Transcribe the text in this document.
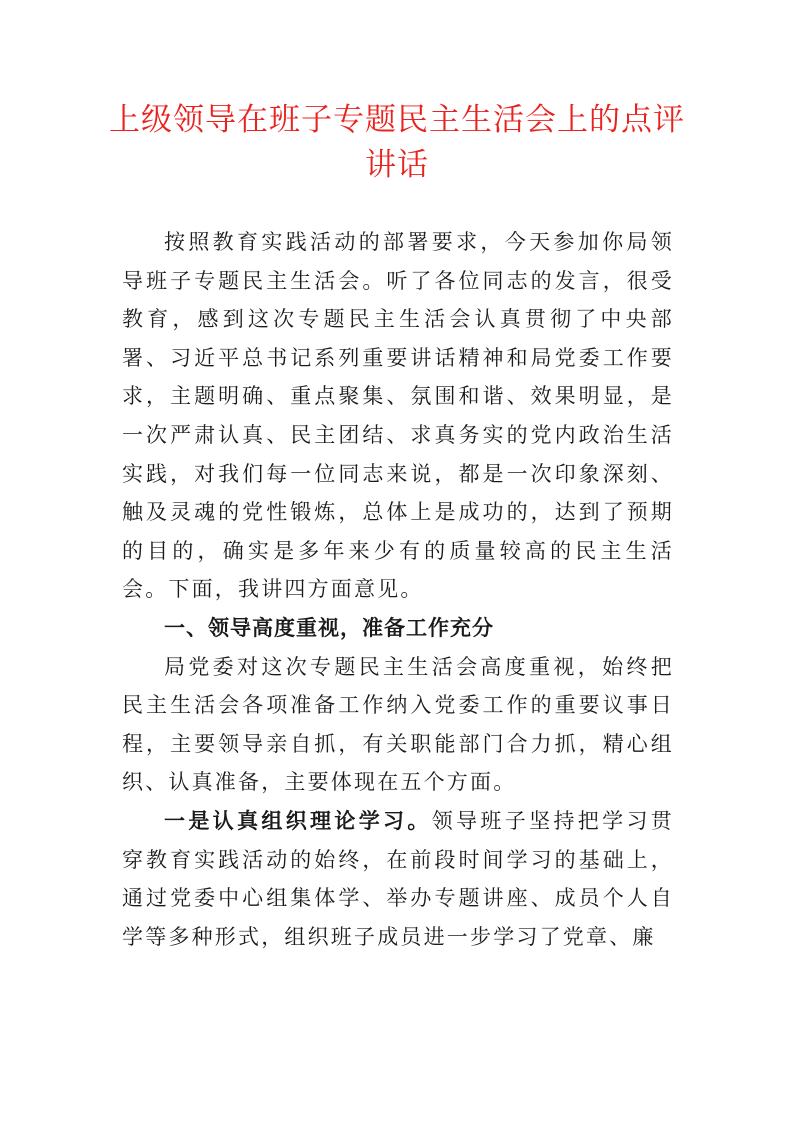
上级领导在班子专题民主生活会上的点评讲话

按照教育实践活动的部署要求，今天参加你局领导班子专题民主生活会。听了各位同志的发言，很受教育，感到这次专题民主生活会认真贯彻了中央部署、习近平总书记系列重要讲话精神和局党委工作要求，主题明确、重点聚集、氛围和谐、效果明显，是一次严肃认真、民主团结、求真务实的党内政治生活实践，对我们每一位同志来说，都是一次印象深刻、触及灵魂的党性锻炼，总体上是成功的，达到了预期的目的，确实是多年来少有的质量较高的民主生活会。下面，我讲四方面意见。

一、领导高度重视，准备工作充分

局党委对这次专题民主生活会高度重视，始终把民主生活会各项准备工作纳入党委工作的重要议事日程，主要领导亲自抓，有关职能部门合力抓，精心组织、认真准备，主要体现在五个方面。

一是认真组织理论学习。领导班子坚持把学习贯穿教育实践活动的始终，在前段时间学习的基础上，通过党委中心组集体学、举办专题讲座、成员个人自学等多种形式，组织班子成员进一步学习了党章、廉
